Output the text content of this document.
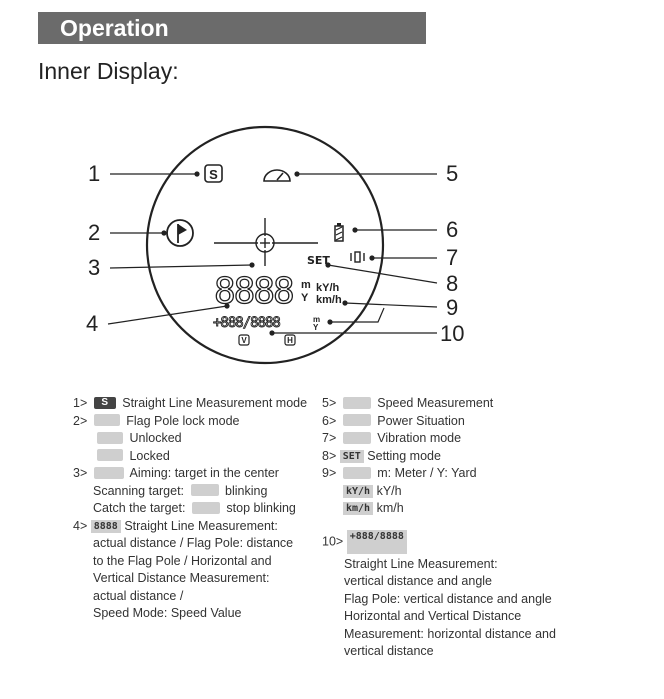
Operation
Inner Display:
1
2
3
4
5
6
7
8
9
10
S
SET
8888 m
Y
kY/h
km/h
+888/8888	m
Y
V	H
1> S Straight Line Measurement mode
2>	Flag Pole lock mode
Unlocked
Locked
3>	Aiming: target in the center
Scanning target:	blinking
Catch the target:	stop blinking
4> 8888 Straight Line Measurement:
actual distance / Flag Pole: distance
to the Flag Pole / Horizontal and
Vertical Distance Measurement:
actual distance /
Speed Mode: Speed Value
5>	Speed Measurement
6>	Power Situation
7>	Vibration mode
8> SET Setting mode
9>	m: Meter / Y: Yard
kY/h kY/h
km/h km/h
10> +888/8888
Straight Line Measurement:
vertical distance and angle
Flag Pole: vertical distance and angle
Horizontal and Vertical Distance
Measurement: horizontal distance and
vertical distance
